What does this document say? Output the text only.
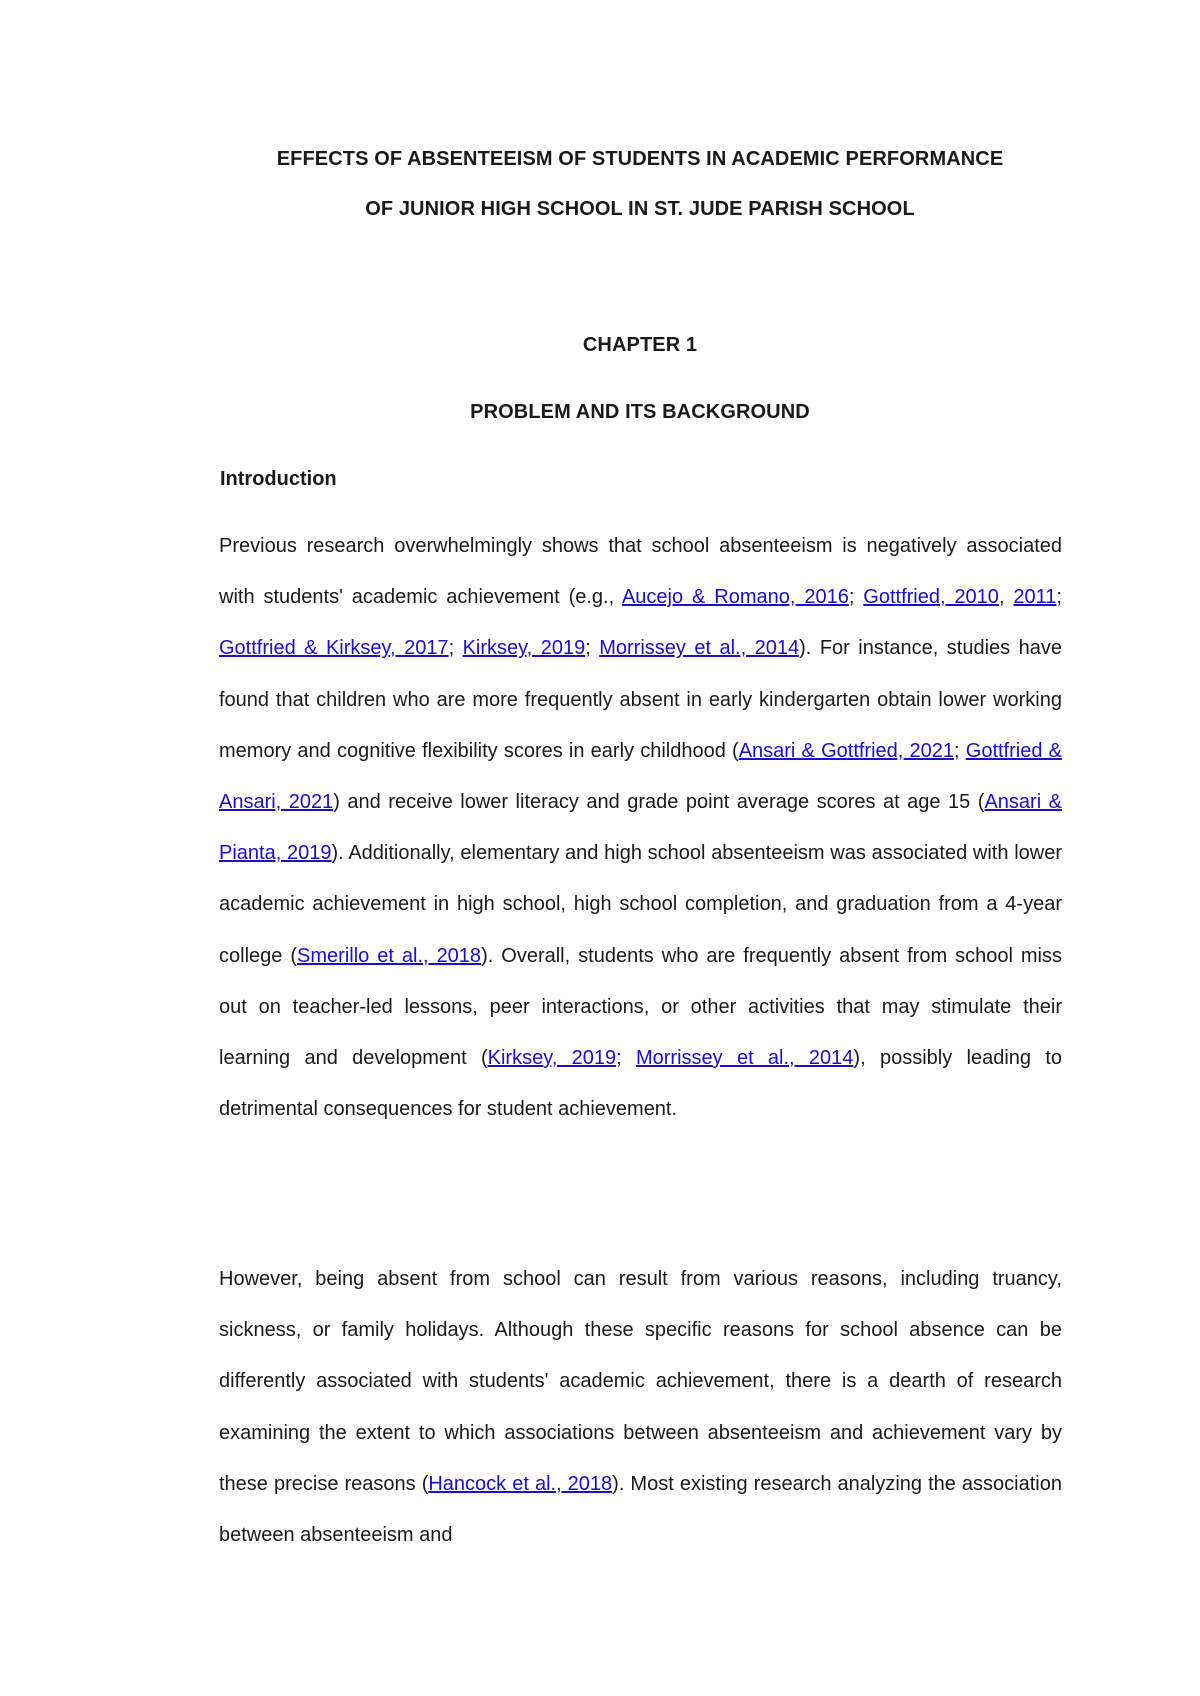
EFFECTS OF ABSENTEEISM OF STUDENTS IN ACADEMIC PERFORMANCE
OF JUNIOR HIGH SCHOOL IN ST. JUDE PARISH SCHOOL
CHAPTER 1
PROBLEM AND ITS BACKGROUND
Introduction

Previous research overwhelmingly shows that school absenteeism is negatively associated with students' academic achievement (e.g., Aucejo & Romano, 2016; Gottfried, 2010, 2011; Gottfried & Kirksey, 2017; Kirksey, 2019; Morrissey et al., 2014). For instance, studies have found that children who are more frequently absent in early kindergarten obtain lower working memory and cognitive flexibility scores in early childhood (Ansari & Gottfried, 2021; Gottfried & Ansari, 2021) and receive lower literacy and grade point average scores at age 15 (Ansari & Pianta, 2019). Additionally, elementary and high school absenteeism was associated with lower academic achievement in high school, high school completion, and graduation from a 4-year college (Smerillo et al., 2018). Overall, students who are frequently absent from school miss out on teacher-led lessons, peer interactions, or other activities that may stimulate their learning and development (Kirksey, 2019; Morrissey et al., 2014), possibly leading to detrimental consequences for student achievement.

However, being absent from school can result from various reasons, including truancy, sickness, or family holidays. Although these specific reasons for school absence can be differently associated with students' academic achievement, there is a dearth of research examining the extent to which associations between absenteeism and achievement vary by these precise reasons (Hancock et al., 2018). Most existing research analyzing the association between absenteeism and
